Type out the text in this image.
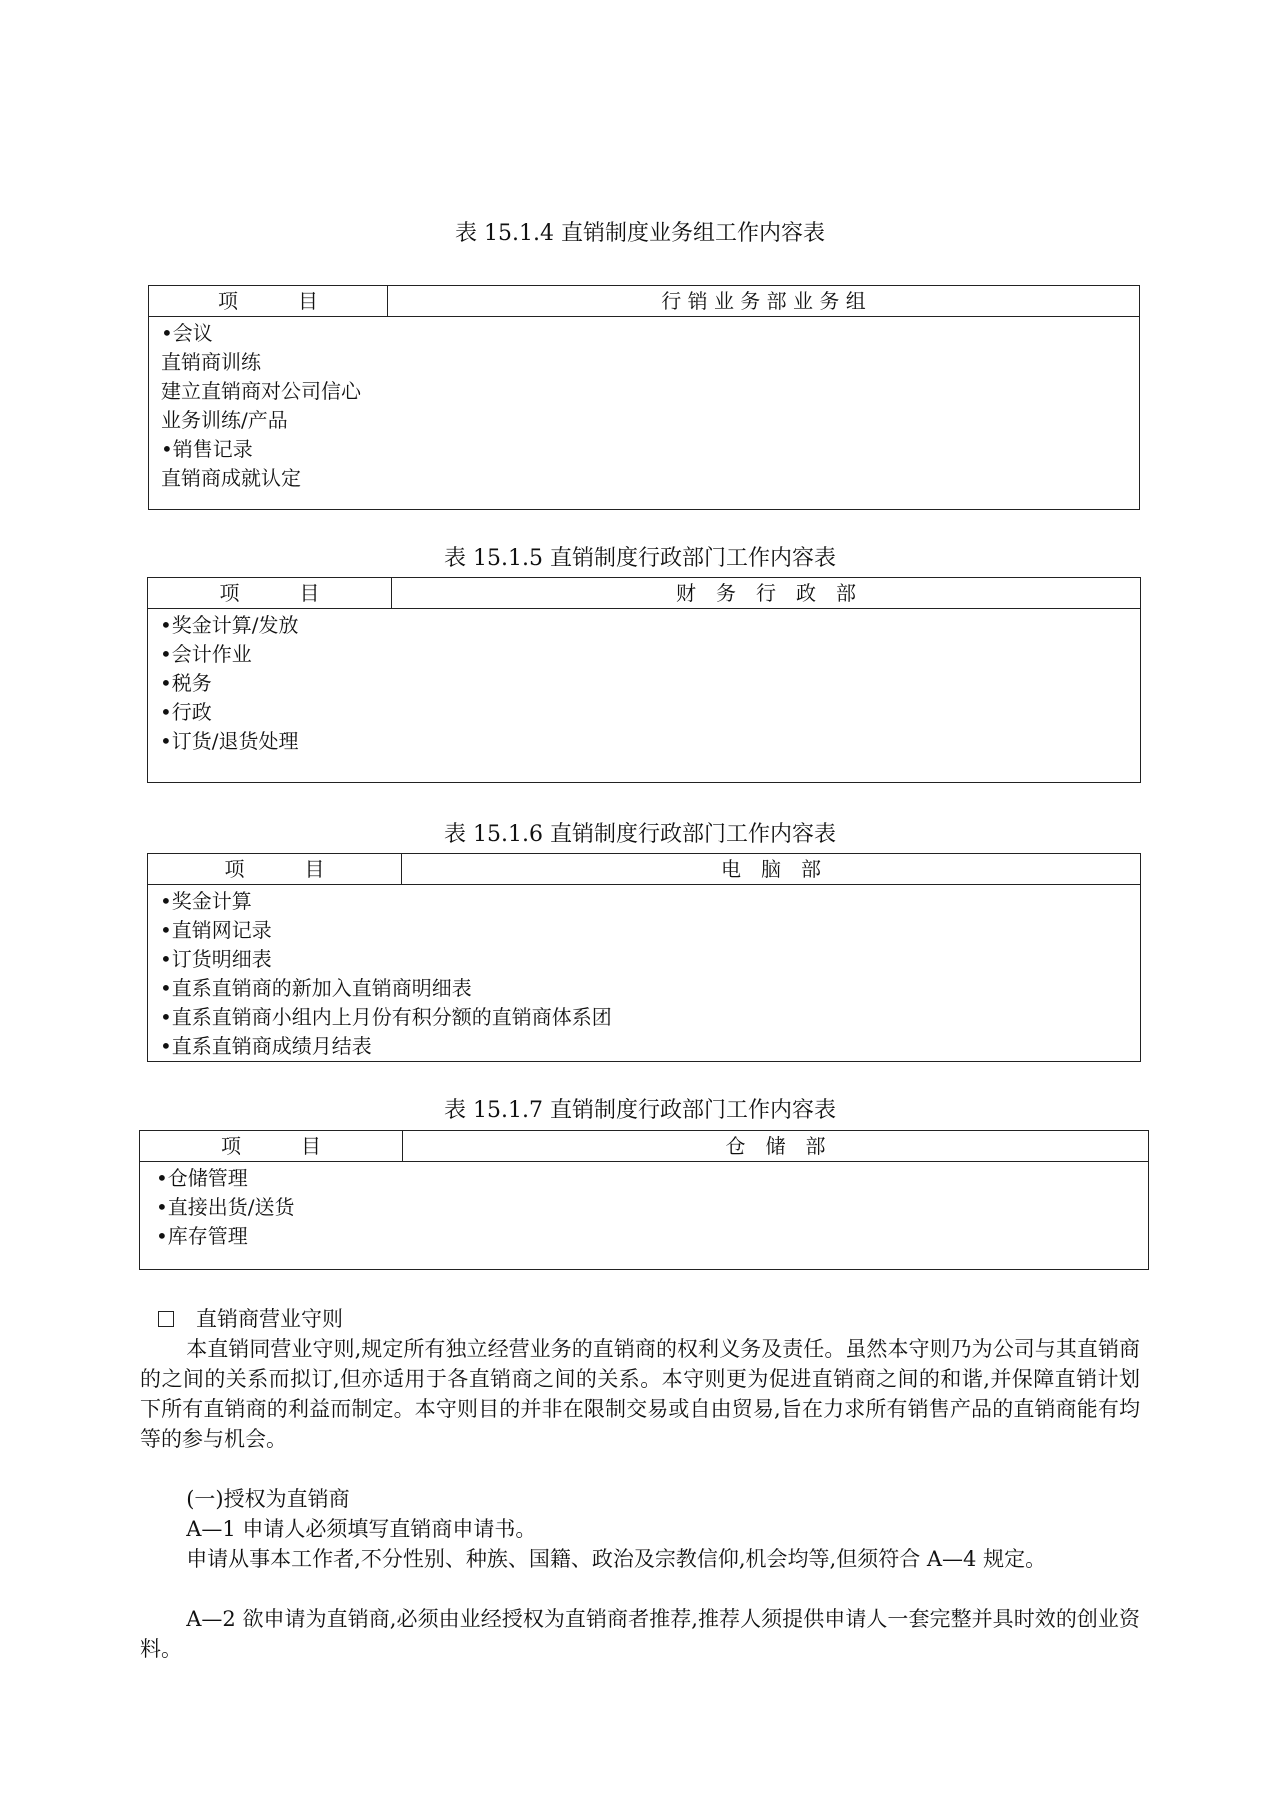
表 15.1.4 直销制度业务组工作内容表
项　　　目	行 销 业 务 部 业 务 组

•会议
直销商训练
建立直销商对公司信心
业务训练/产品
•销售记录
直销商成就认定
表 15.1.5 直销制度行政部门工作内容表
项　　　目	财　务　行　政　部

•奖金计算/发放
•会计作业
•税务
•行政
•订货/退货处理
表 15.1.6 直销制度行政部门工作内容表
项　　　目	电　脑　部

•奖金计算
•直销网记录
•订货明细表
•直系直销商的新加入直销商明细表
•直系直销商小组内上月份有积分额的直销商体系团
•直系直销商成绩月结表
表 15.1.7 直销制度行政部门工作内容表
项　　　目	仓　储　部

•仓储管理
•直接出货/送货
•库存管理
直销商营业守则
本直销同营业守则,规定所有独立经营业务的直销商的权利义务及责任。虽然本守则乃为公司与其直销商的之间的关系而拟订,但亦适用于各直销商之间的关系。本守则更为促进直销商之间的和谐,并保障直销计划下所有直销商的利益而制定。本守则目的并非在限制交易或自由贸易,旨在力求所有销售产品的直销商能有均等的参与机会。
(一)授权为直销商
A—1 申请人必须填写直销商申请书。
申请从事本工作者,不分性别、种族、国籍、政治及宗教信仰,机会均等,但须符合 A—4 规定。
A—2 欲申请为直销商,必须由业经授权为直销商者推荐,推荐人须提供申请人一套完整并具时效的创业资料。
